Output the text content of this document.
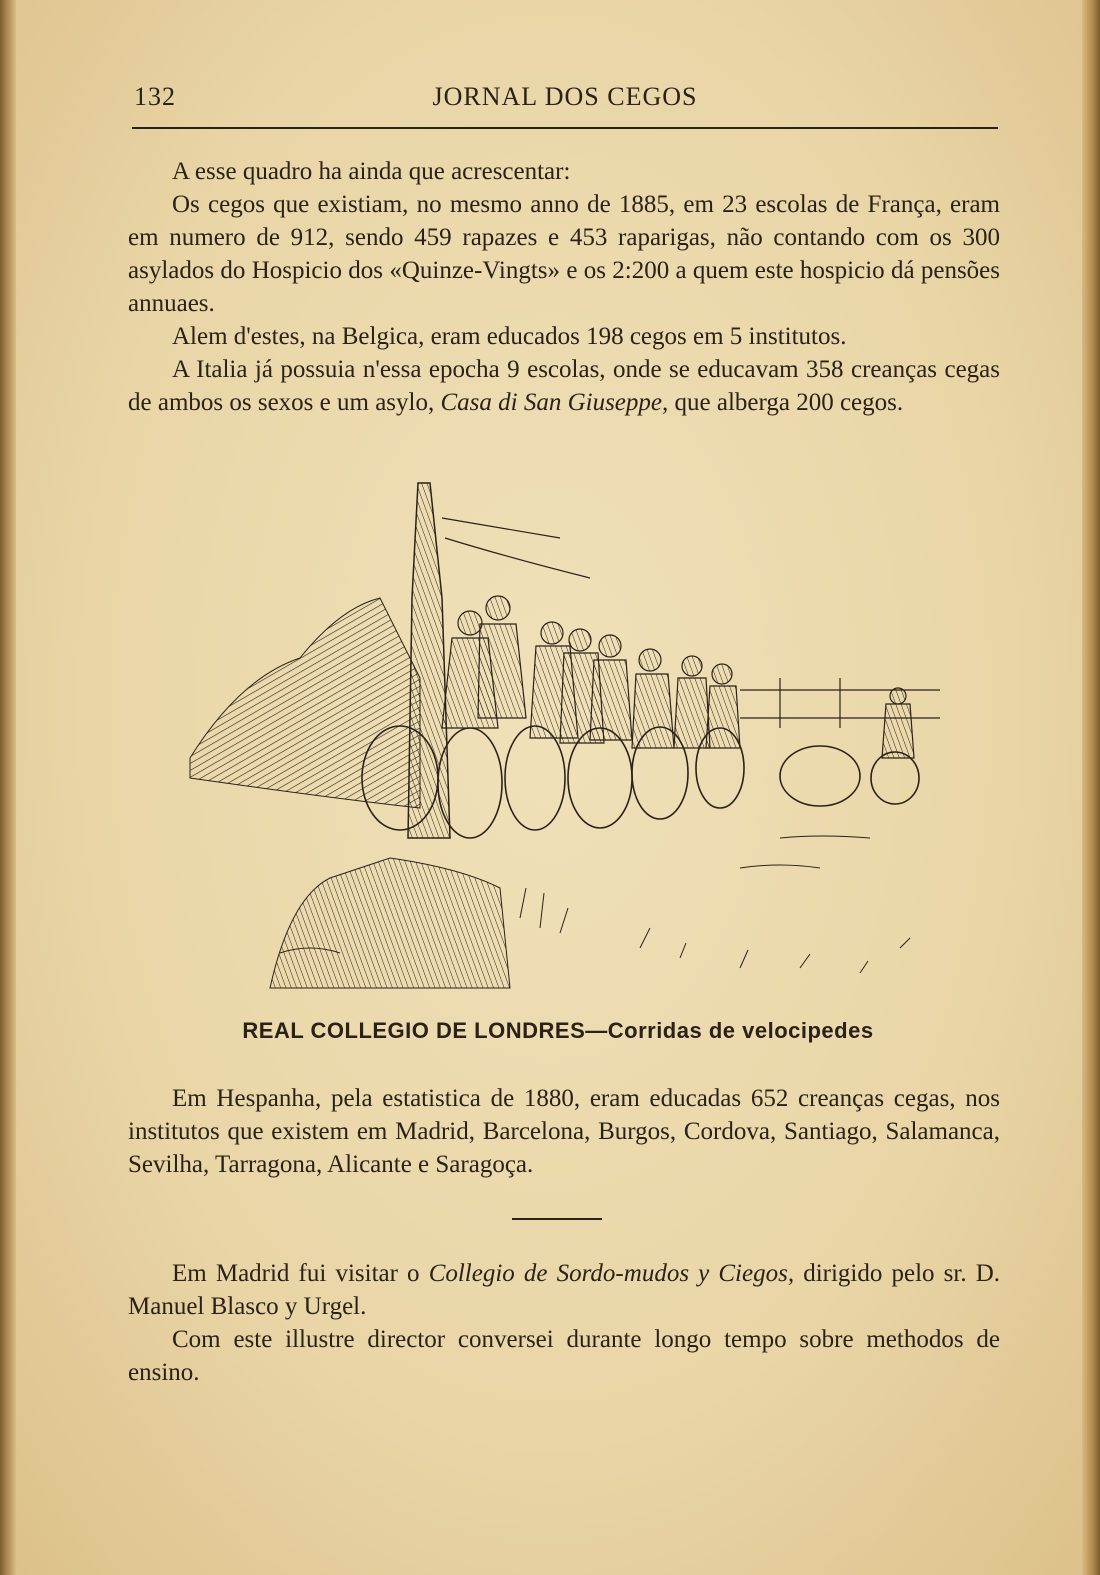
132	JORNAL DOS CEGOS

A esse quadro ha ainda que acrescentar:

Os cegos que existiam, no mesmo anno de 1885, em 23 escolas de França, eram em numero de 912, sendo 459 rapazes e 453 raparigas, não contando com os 300 asylados do Hospicio dos «Quinze-Vingts» e os 2:200 a quem este hospicio dá pensões annuaes.

Alem d'estes, na Belgica, eram educados 198 cegos em 5 institutos.

A Italia já possuia n'essa epocha 9 escolas, onde se educavam 358 creanças cegas de ambos os sexos e um asylo, Casa di San Giuseppe, que alberga 200 cegos.

REAL COLLEGIO DE LONDRES—Corridas de velocipedes

Em Hespanha, pela estatistica de 1880, eram educadas 652 creanças cegas, nos institutos que existem em Madrid, Barcelona, Burgos, Cordova, Santiago, Salamanca, Sevilha, Tarragona, Alicante e Saragoça.

Em Madrid fui visitar o Collegio de Sordo-mudos y Ciegos, dirigido pelo sr. D. Manuel Blasco y Urgel.

Com este illustre director conversei durante longo tempo sobre methodos de ensino.
